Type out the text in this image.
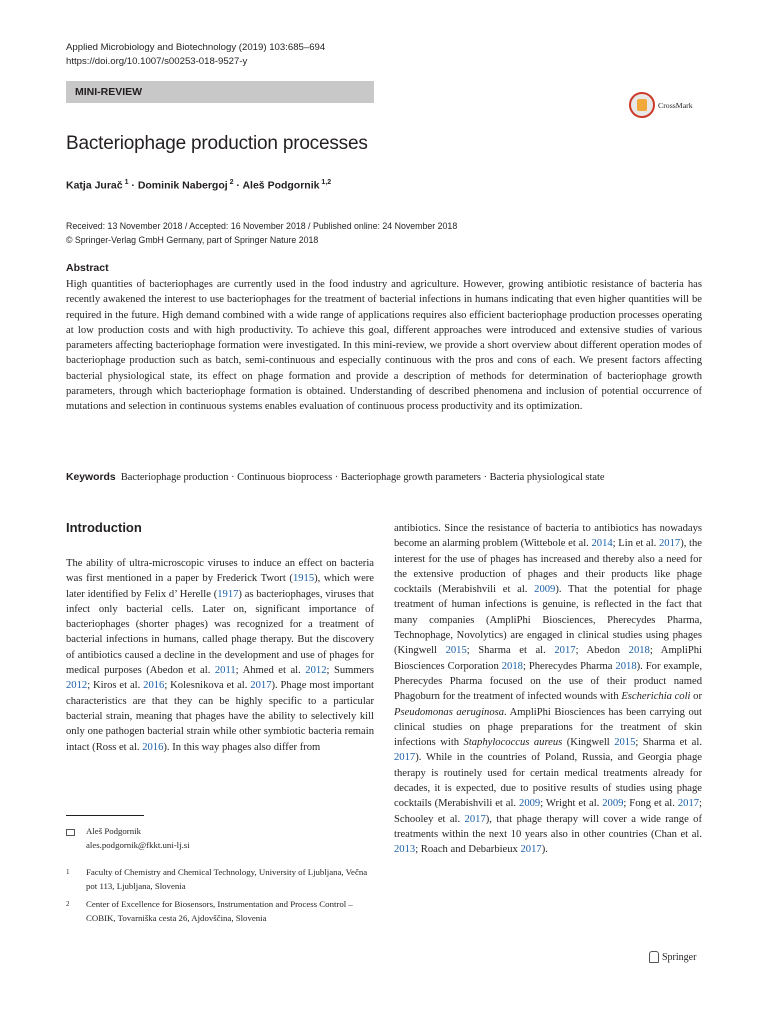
Applied Microbiology and Biotechnology (2019) 103:685–694
https://doi.org/10.1007/s00253-018-9527-y
MINI-REVIEW
CrossMark
Bacteriophage production processes
Katja Jurač $^1$ · Dominik Nabergoj $^2$ · Aleš Podgornik $^{1,2}$
Received: 13 November 2018 / Accepted: 16 November 2018 / Published online: 24 November 2018
© Springer-Verlag GmbH Germany, part of Springer Nature 2018
Abstract
High quantities of bacteriophages are currently used in the food industry and agriculture. However, growing antibiotic resistance of bacteria has recently awakened the interest to use bacteriophages for the treatment of bacterial infections in humans indicating that even higher quantities will be required in the future. High demand combined with a wide range of applications requires also efficient bacteriophage production processes operating at low production costs and with high productivity. To achieve this goal, different approaches were introduced and extensive studies of various parameters affecting bacteriophage formation were investigated. In this mini-review, we provide a short overview about different operation modes of bacteriophage production such as batch, semi-continuous and especially continuous with the pros and cons of each. We present factors affecting bacterial physiological state, its effect on phage formation and provide a description of methods for determination of bacteriophage growth parameters, through which bacteriophage formation is obtained. Understanding of described phenomena and inclusion of potential occurrence of mutations and selection in continuous systems enables evaluation of continuous process productivity and its optimization.
Keywords Bacteriophage production · Continuous bioprocess · Bacteriophage growth parameters · Bacteria physiological state
Introduction

The ability of ultra-microscopic viruses to induce an effect on bacteria was first mentioned in a paper by Frederick Twort (1915), which were later identified by Felix d’ Herelle (1917) as bacteriophages, viruses that infect only bacterial cells. Later on, significant importance of bacteriophages (shorter phages) was recognized for a treatment of bacterial infections in humans, called phage therapy. But the discovery of antibiotics caused a decline in the development and use of phages for medical purposes (Abedon et al. 2011; Ahmed et al. 2012; Summers 2012; Kiros et al. 2016; Kolesnikova et al. 2017). Phage most important characteristics are that they can be highly specific to a particular bacterial strain, meaning that phages have the ability to selectively kill only one pathogen bacterial strain while other symbiotic bacteria remain intact (Ross et al. 2016). In this way phages also differ from

antibiotics. Since the resistance of bacteria to antibiotics has nowadays become an alarming problem (Wittebole et al. 2014; Lin et al. 2017), the interest for the use of phages has increased and thereby also a need for the extensive production of phages and their products like phage cocktails (Merabishvili et al. 2009). That the potential for phage treatment of human infections is genuine, is reflected in the fact that many companies (AmpliPhi Biosciences, Pherecydes Pharma, Technophage, Novolytics) are engaged in clinical studies using phages (Kingwell 2015; Sharma et al. 2017; Abedon 2018; AmpliPhi Biosciences Corporation 2018; Pherecydes Pharma 2018). For example, Pherecydes Pharma focused on the use of their product named Phagoburn for the treatment of infected wounds with Escherichia coli or Pseudomonas aeruginosa. AmpliPhi Biosciences has been carrying out clinical studies on phage preparations for the treatment of skin infections with Staphylococcus aureus (Kingwell 2015; Sharma et al. 2017). While in the countries of Poland, Russia, and Georgia phage therapy is routinely used for certain medical treatments already for decades, it is expected, due to positive results of studies using phage cocktails (Merabishvili et al. 2009; Wright et al. 2009; Fong et al. 2017; Schooley et al. 2017), that phage therapy will cover a wide range of treatments within the next 10 years also in other countries (Chan et al. 2013; Roach and Debarbieux 2017).

Aleš Podgornik
ales.podgornik@fkkt.uni-lj.si
1 Faculty of Chemistry and Chemical Technology, University of Ljubljana, Večna pot 113, Ljubljana, Slovenia
2 Center of Excellence for Biosensors, Instrumentation and Process Control – COBIK, Tovarniška cesta 26, Ajdovščina, Slovenia
Springer
